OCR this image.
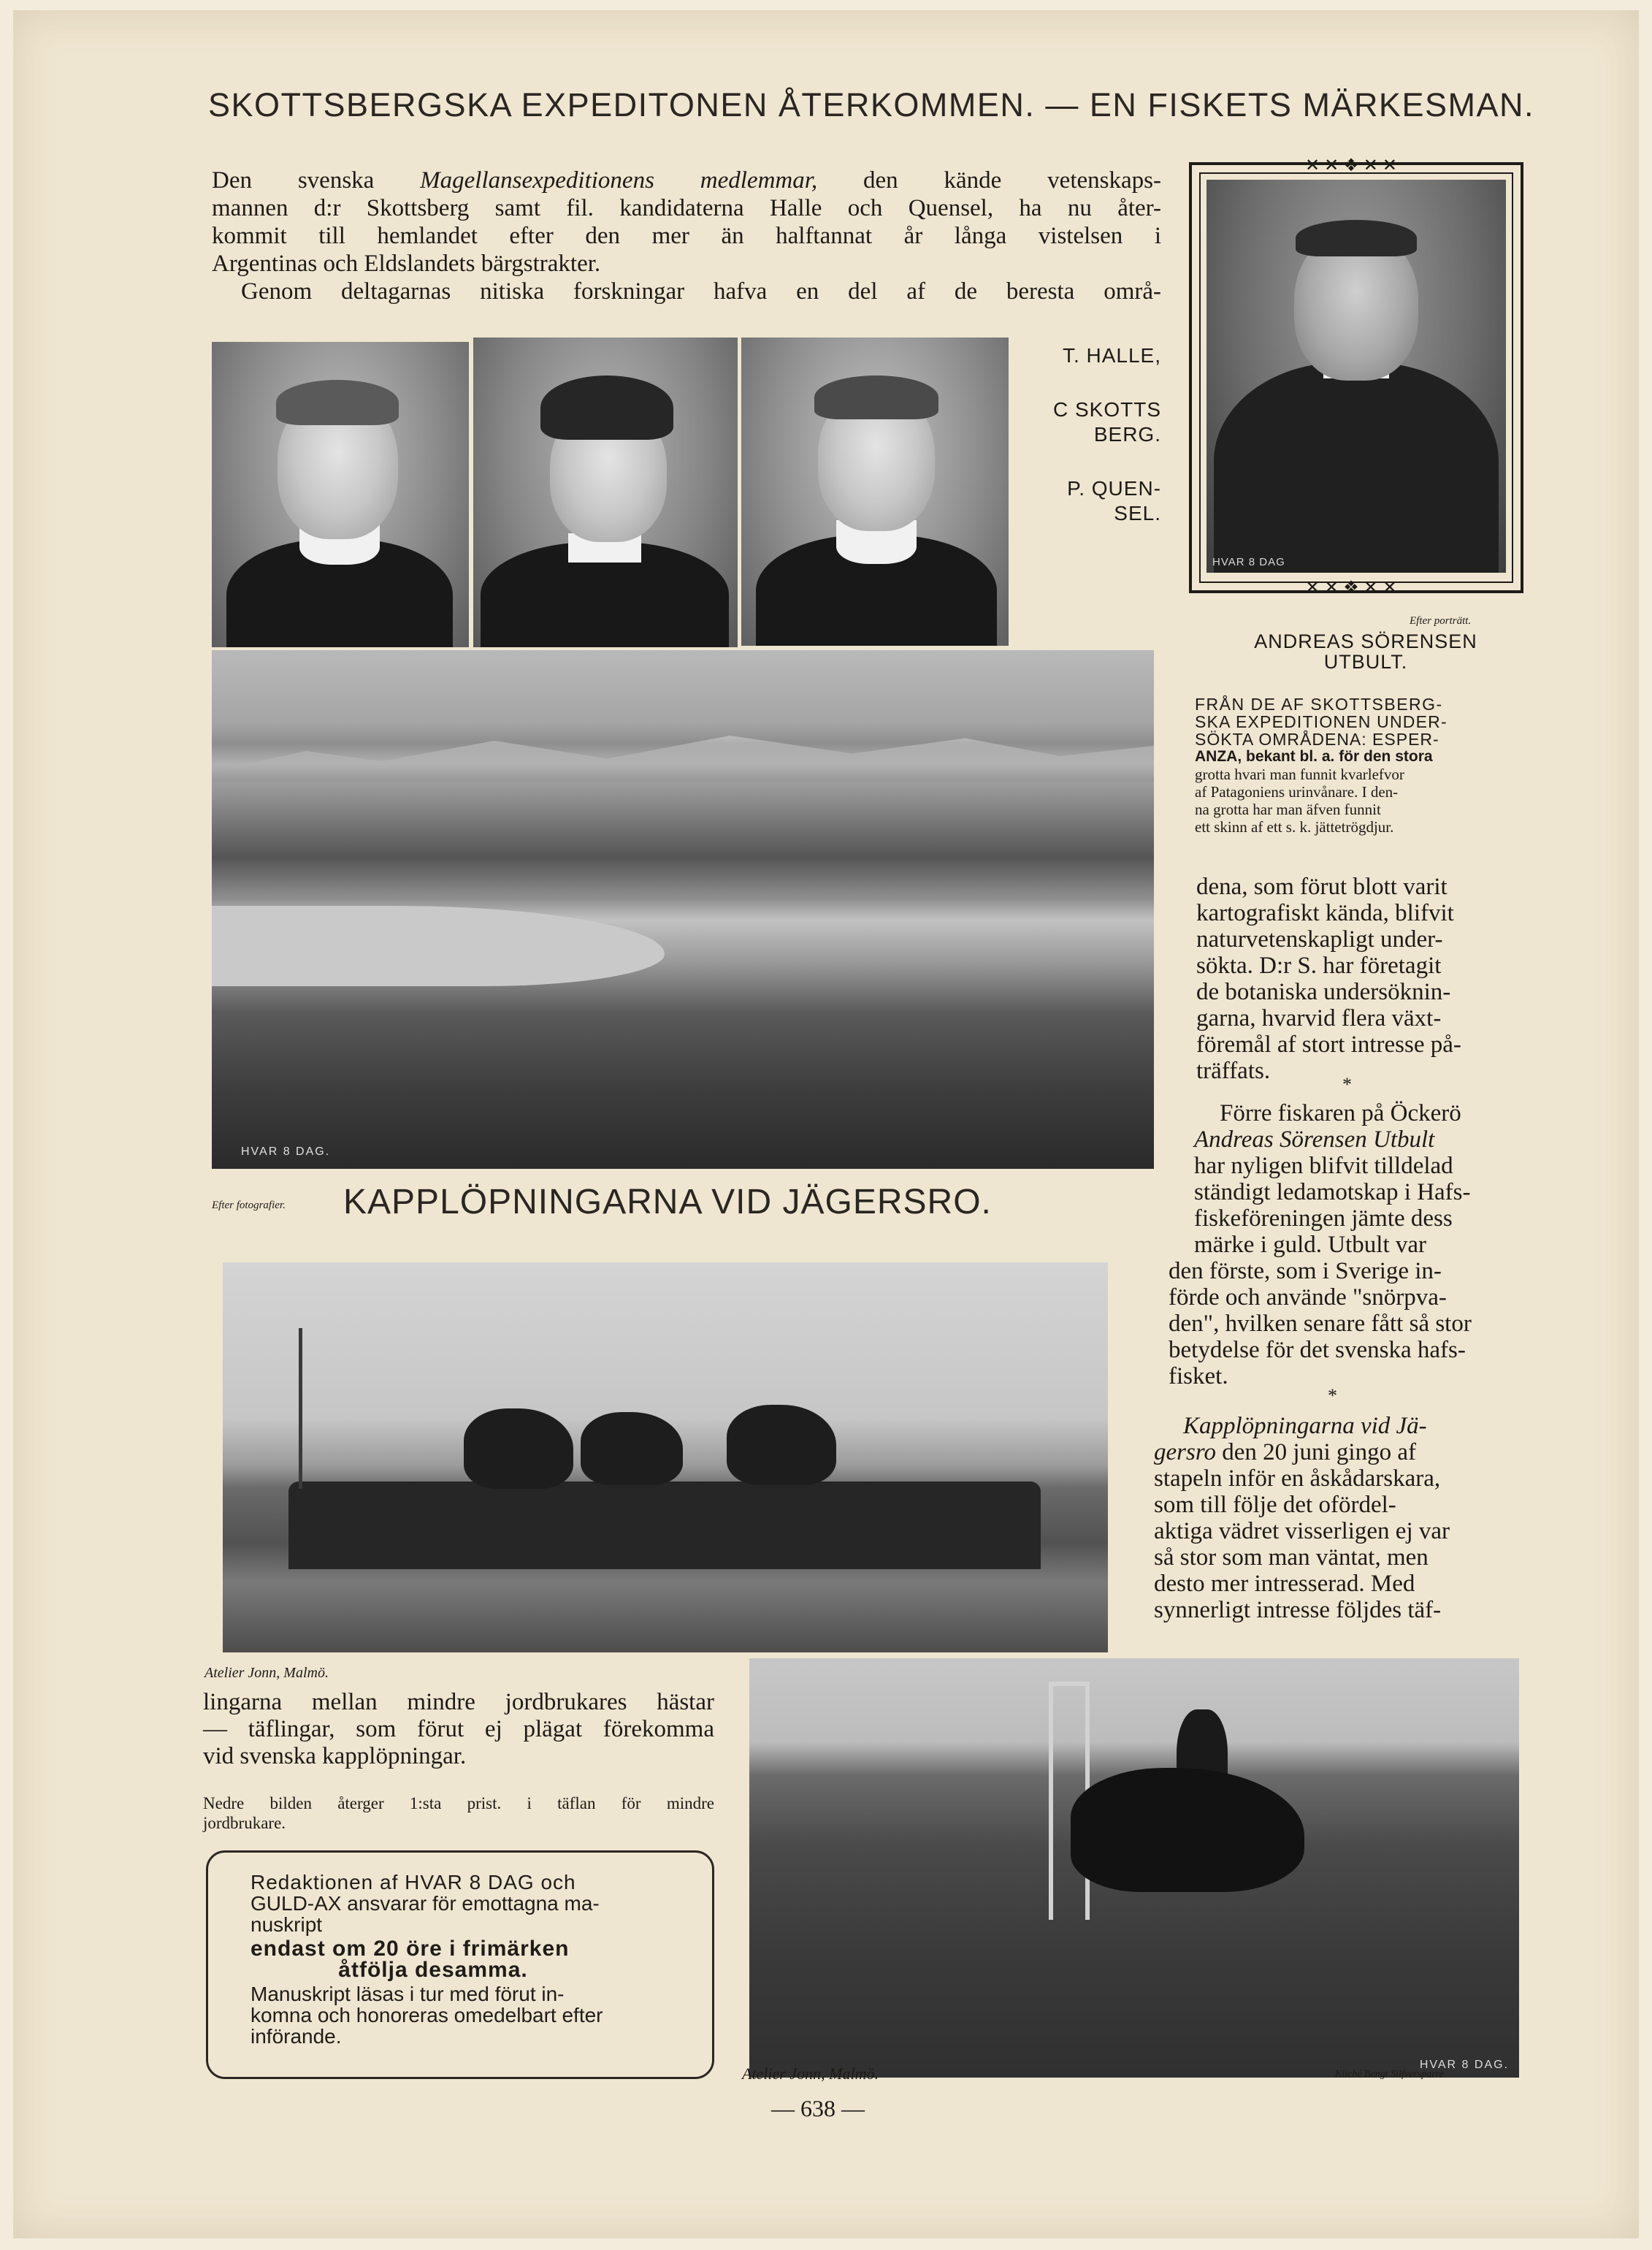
SKOTTSBERGSKA EXPEDITONEN ÅTERKOMMEN. — EN FISKETS MÄRKESMAN.
Den svenska Magellansexpeditionens medlemmar, den kände vetenskaps-
mannen d:r Skottsberg samt fil. kandidaterna Halle och Quensel, ha nu åter-
kommit till hemlandet efter den mer än halftannat år långa vistelsen i
Argentinas och Eldslandets bärgstrakter.
Genom deltagarnas nitiska forskningar hafva en del af de beresta områ-
T. HALLE,
C SKOTTS
BERG.
P. QUEN-
SEL.
✕✕❖✕✕
✕✕❖✕✕
HVAR 8 DAG
Efter porträtt.
ANDREAS SÖRENSEN
UTBULT.
HVAR 8 DAG.
Efter fotografier.
FRÅN DE AF SKOTTSBERG-
SKA EXPEDITIONEN UNDER-
SÖKTA OMRÅDENA: ESPER-
ANZA, bekant bl. a. för den stora
grotta hvari man funnit kvarlefvor
af Patagoniens urinvånare. I den-
na grotta har man äfven funnit
ett skinn af ett s. k. jättetrögdjur.
dena, som förut blott varit
kartografiskt kända, blifvit
naturvetenskapligt under-
sökta. D:r S. har företagit
de botaniska undersöknin-
garna, hvarvid flera växt-
föremål af stort intresse på-
träffats.
*
Förre fiskaren på Öckerö
Andreas Sörensen Utbult
har nyligen blifvit tilldelad
ständigt ledamotskap i Hafs-
fiskeföreningen jämte dess
märke i guld. Utbult var
den förste, som i Sverige in-
förde och använde "snörpva-
den", hvilken senare fått så stor
betydelse för det svenska hafs-
fisket.
*
Kapplöpningarna vid Jä-
gersro den 20 juni gingo af
stapeln inför en åskådarskara,
som till följe det ofördel-
aktiga vädret visserligen ej var
så stor som man väntat, men
desto mer intresserad. Med
synnerligt intresse följdes täf-
KAPPLÖPNINGARNA VID JÄGERSRO.
Atelier Jonn, Malmö.
lingarna mellan mindre jordbrukares hästar
— täflingar, som förut ej plägat förekomma
vid svenska kapplöpningar.
Nedre bilden återger 1:sta prist. i täflan för mindre
jordbrukare.

Redaktionen af HVAR 8 DAG och

GULD-AX ansvarar för emottagna ma-

nuskript

endast om 20 öre i frimärken

åtfölja desamma.

Manuskript läsas i tur med förut in-

komna och honoreras omedelbart efter

införande.

HVAR 8 DAG.
Atelier Jonn, Malmö.	Kliché Bengt Silfversparre
— 638 —
